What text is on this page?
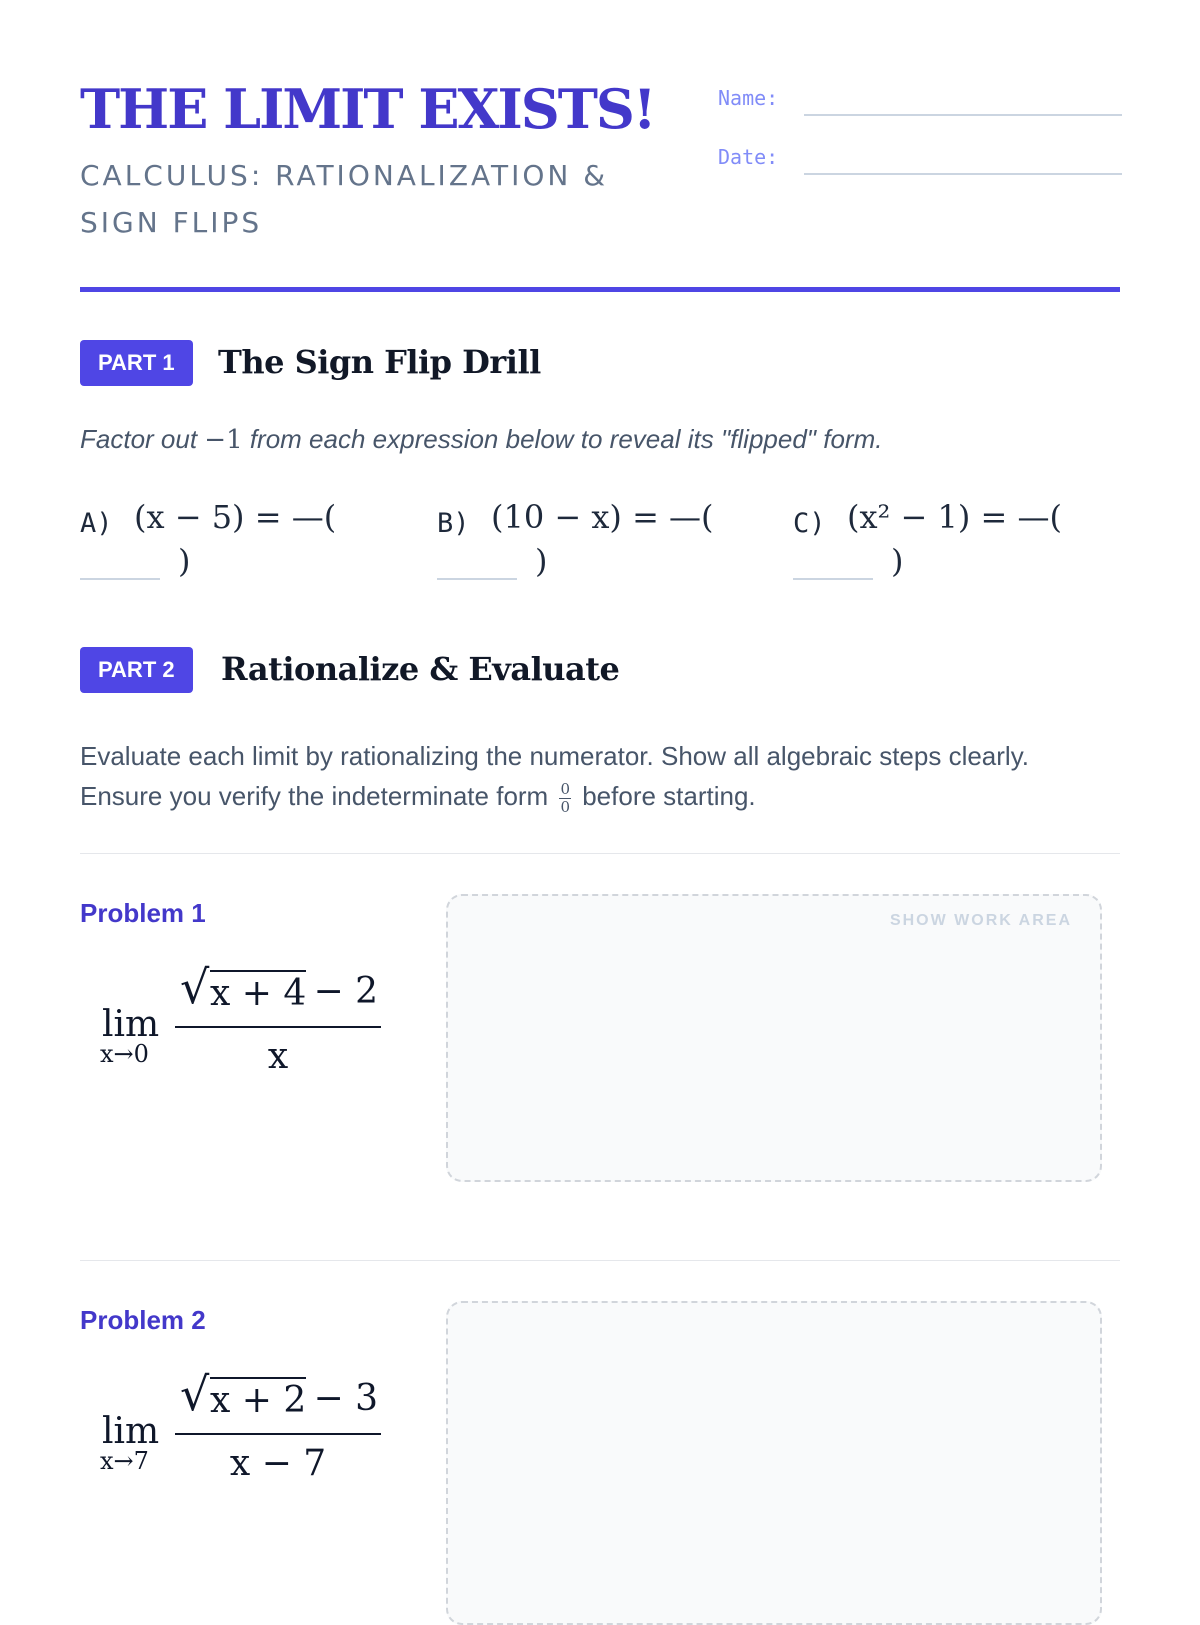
THE LIMIT EXISTS!
CALCULUS: RATIONALIZATION & SIGN FLIPS
Name:
Date:
PART 1	The Sign Flip Drill
Factor out −1 from each expression below to reveal its "flipped" form.
A) (x − 5) = —(
)
B) (10 − x) = —(
)
C) (x² − 1) = —(
)
PART 2	Rationalize & Evaluate
Evaluate each limit by rationalizing the numerator. Show all algebraic steps clearly.
Ensure you verify the indeterminate form $\frac{0}{0}$ before starting.
Problem 1
lim
x→0
√ x + 4 − 2
x
SHOW WORK AREA
Problem 2
lim
x→7
√ x + 2 − 3
x − 7
